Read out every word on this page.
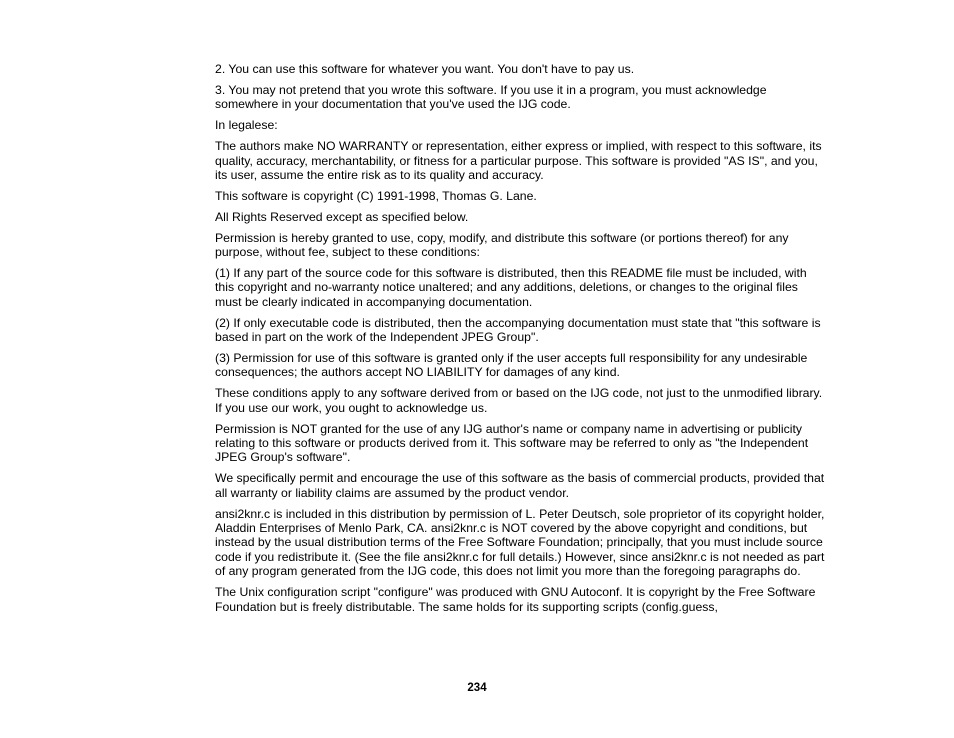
2. You can use this software for whatever you want. You don't have to pay us.

3. You may not pretend that you wrote this software. If you use it in a program, you must acknowledge somewhere in your documentation that you've used the IJG code.

In legalese:

The authors make NO WARRANTY or representation, either express or implied, with respect to this software, its quality, accuracy, merchantability, or fitness for a particular purpose. This software is provided "AS IS", and you, its user, assume the entire risk as to its quality and accuracy.

This software is copyright (C) 1991-1998, Thomas G. Lane.

All Rights Reserved except as specified below.

Permission is hereby granted to use, copy, modify, and distribute this software (or portions thereof) for any purpose, without fee, subject to these conditions:

(1) If any part of the source code for this software is distributed, then this README file must be included, with this copyright and no-warranty notice unaltered; and any additions, deletions, or changes to the original files must be clearly indicated in accompanying documentation.

(2) If only executable code is distributed, then the accompanying documentation must state that "this software is based in part on the work of the Independent JPEG Group".

(3) Permission for use of this software is granted only if the user accepts full responsibility for any undesirable consequences; the authors accept NO LIABILITY for damages of any kind.

These conditions apply to any software derived from or based on the IJG code, not just to the unmodified library. If you use our work, you ought to acknowledge us.

Permission is NOT granted for the use of any IJG author's name or company name in advertising or publicity relating to this software or products derived from it. This software may be referred to only as "the Independent JPEG Group's software".

We specifically permit and encourage the use of this software as the basis of commercial products, provided that all warranty or liability claims are assumed by the product vendor.

ansi2knr.c is included in this distribution by permission of L. Peter Deutsch, sole proprietor of its copyright holder, Aladdin Enterprises of Menlo Park, CA. ansi2knr.c is NOT covered by the above copyright and conditions, but instead by the usual distribution terms of the Free Software Foundation; principally, that you must include source code if you redistribute it. (See the file ansi2knr.c for full details.) However, since ansi2knr.c is not needed as part of any program generated from the IJG code, this does not limit you more than the foregoing paragraphs do.

The Unix configuration script "configure" was produced with GNU Autoconf. It is copyright by the Free Software Foundation but is freely distributable. The same holds for its supporting scripts (config.guess,

234
